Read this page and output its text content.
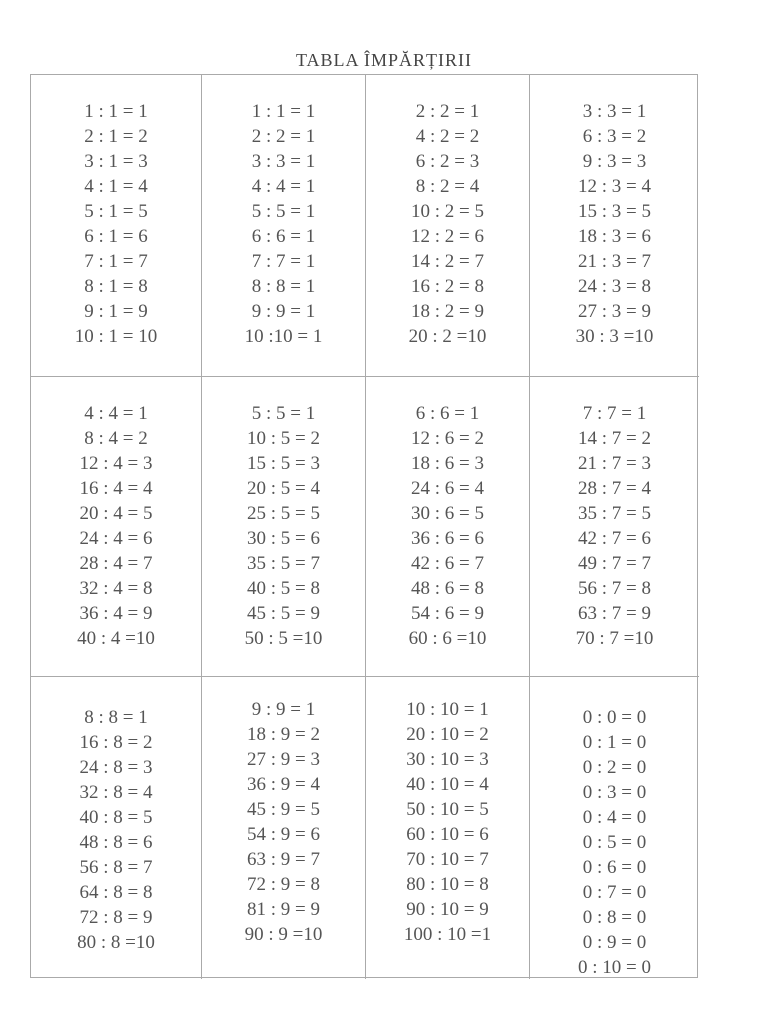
TABLA ÎMPĂRȚIRII
1 : 1 = 1
2 : 1 = 2
3 : 1 = 3
4 : 1 = 4
5 : 1 = 5
6 : 1 = 6
7 : 1 = 7
8 : 1 = 8
9 : 1 = 9
10 : 1 = 10
1 : 1 = 1
2 : 2 = 1
3 : 3 = 1
4 : 4 = 1
5 : 5 = 1
6 : 6 = 1
7 : 7 = 1
8 : 8 = 1
9 : 9 = 1
10 :10 = 1
2 : 2 = 1
4 : 2 = 2
6 : 2 = 3
8 : 2 = 4
10 : 2 = 5
12 : 2 = 6
14 : 2 = 7
16 : 2 = 8
18 : 2 = 9
20 : 2 =10
3 : 3 = 1
6 : 3 = 2
9 : 3 = 3
12 : 3 = 4
15 : 3 = 5
18 : 3 = 6
21 : 3 = 7
24 : 3 = 8
27 : 3 = 9
30 : 3 =10
4 : 4 = 1
8 : 4 = 2
12 : 4 = 3
16 : 4 = 4
20 : 4 = 5
24 : 4 = 6
28 : 4 = 7
32 : 4 = 8
36 : 4 = 9
40 : 4 =10
5 : 5 = 1
10 : 5 = 2
15 : 5 = 3
20 : 5 = 4
25 : 5 = 5
30 : 5 = 6
35 : 5 = 7
40 : 5 = 8
45 : 5 = 9
50 : 5 =10
6 : 6 = 1
12 : 6 = 2
18 : 6 = 3
24 : 6 = 4
30 : 6 = 5
36 : 6 = 6
42 : 6 = 7
48 : 6 = 8
54 : 6 = 9
60 : 6 =10
7 : 7 = 1
14 : 7 = 2
21 : 7 = 3
28 : 7 = 4
35 : 7 = 5
42 : 7 = 6
49 : 7 = 7
56 : 7 = 8
63 : 7 = 9
70 : 7 =10
8 : 8 = 1
16 : 8 = 2
24 : 8 = 3
32 : 8 = 4
40 : 8 = 5
48 : 8 = 6
56 : 8 = 7
64 : 8 = 8
72 : 8 = 9
80 : 8 =10
9 : 9 = 1
18 : 9 = 2
27 : 9 = 3
36 : 9 = 4
45 : 9 = 5
54 : 9 = 6
63 : 9 = 7
72 : 9 = 8
81 : 9 = 9
90 : 9 =10
10 : 10 = 1
20 : 10 = 2
30 : 10 = 3
40 : 10 = 4
50 : 10 = 5
60 : 10 = 6
70 : 10 = 7
80 : 10 = 8
90 : 10 = 9
100 : 10 =1
0 : 0 = 0
0 : 1 = 0
0 : 2 = 0
0 : 3 = 0
0 : 4 = 0
0 : 5 = 0
0 : 6 = 0
0 : 7 = 0
0 : 8 = 0
0 : 9 = 0
0 : 10 = 0
